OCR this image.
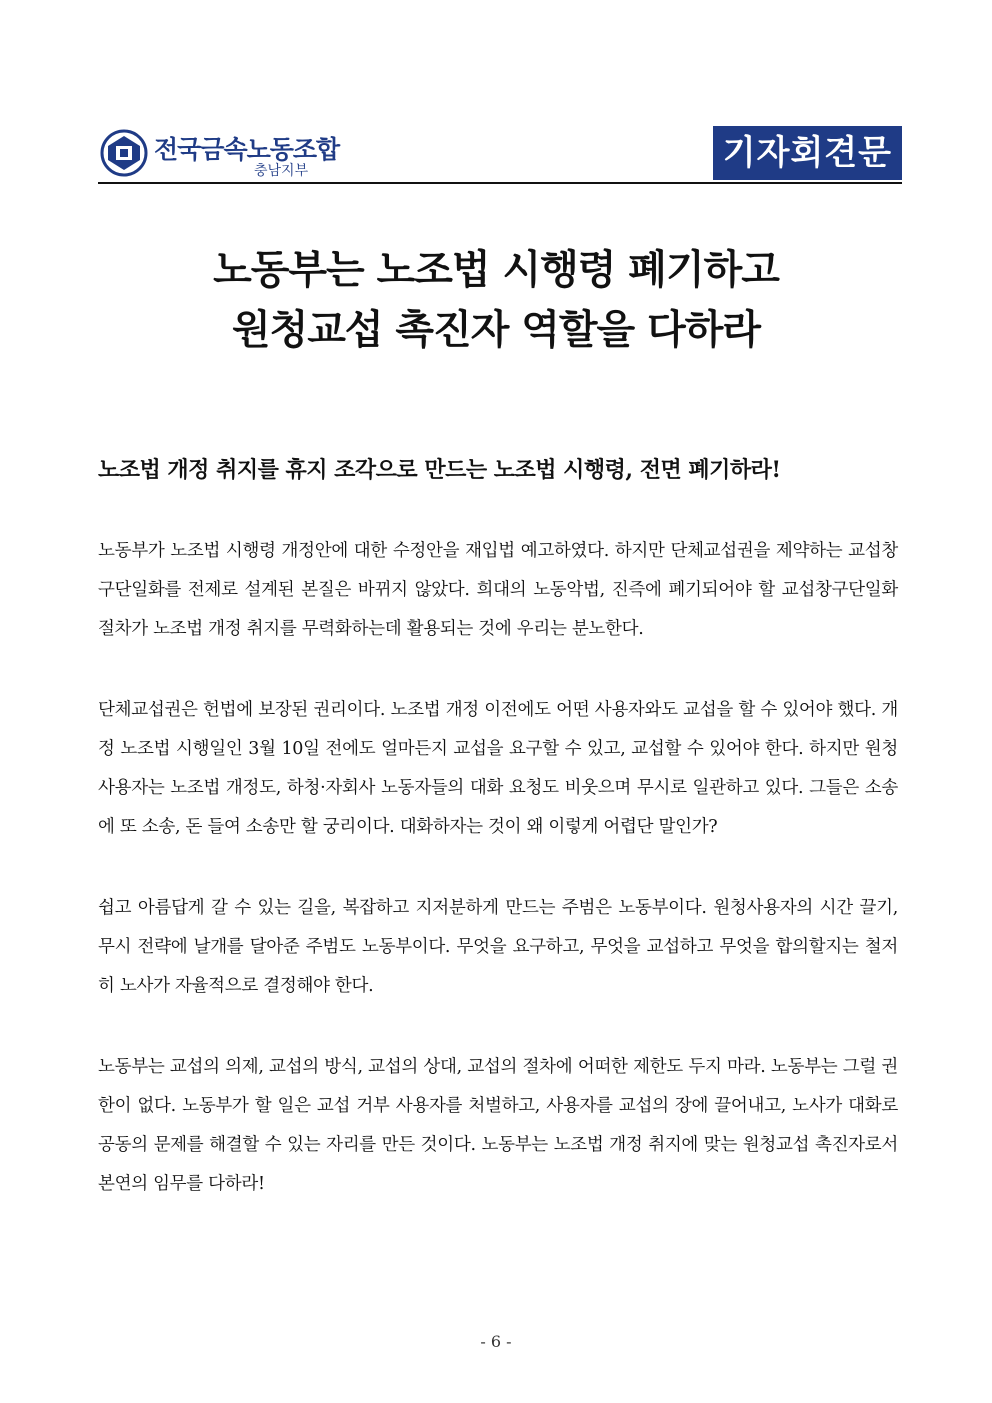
전국금속노동조합
충남지부	기자회견문
노동부는 노조법 시행령 폐기하고
원청교섭 촉진자 역할을 다하라
노조법 개정 취지를 휴지 조각으로 만드는 노조법 시행령, 전면 폐기하라!

노동부가 노조법 시행령 개정안에 대한 수정안을 재입법 예고하였다. 하지만 단체교섭권을 제약하는 교섭창구단일화를 전제로 설계된 본질은 바뀌지 않았다. 희대의 노동악법, 진즉에 폐기되어야 할 교섭창구단일화 절차가 노조법 개정 취지를 무력화하는데 활용되는 것에 우리는 분노한다.

단체교섭권은 헌법에 보장된 권리이다. 노조법 개정 이전에도 어떤 사용자와도 교섭을 할 수 있어야 했다. 개정 노조법 시행일인 3월 10일 전에도 얼마든지 교섭을 요구할 수 있고, 교섭할 수 있어야 한다. 하지만 원청 사용자는 노조법 개정도, 하청·자회사 노동자들의 대화 요청도 비웃으며 무시로 일관하고 있다. 그들은 소송에 또 소송, 돈 들여 소송만 할 궁리이다. 대화하자는 것이 왜 이렇게 어렵단 말인가?

쉽고 아름답게 갈 수 있는 길을, 복잡하고 지저분하게 만드는 주범은 노동부이다. 원청사용자의 시간 끌기, 무시 전략에 날개를 달아준 주범도 노동부이다. 무엇을 요구하고, 무엇을 교섭하고 무엇을 합의할지는 철저히 노사가 자율적으로 결정해야 한다.

노동부는 교섭의 의제, 교섭의 방식, 교섭의 상대, 교섭의 절차에 어떠한 제한도 두지 마라. 노동부는 그럴 권한이 없다. 노동부가 할 일은 교섭 거부 사용자를 처벌하고, 사용자를 교섭의 장에 끌어내고, 노사가 대화로 공동의 문제를 해결할 수 있는 자리를 만든 것이다. 노동부는 노조법 개정 취지에 맞는 원청교섭 촉진자로서 본연의 임무를 다하라!

- 6 -
